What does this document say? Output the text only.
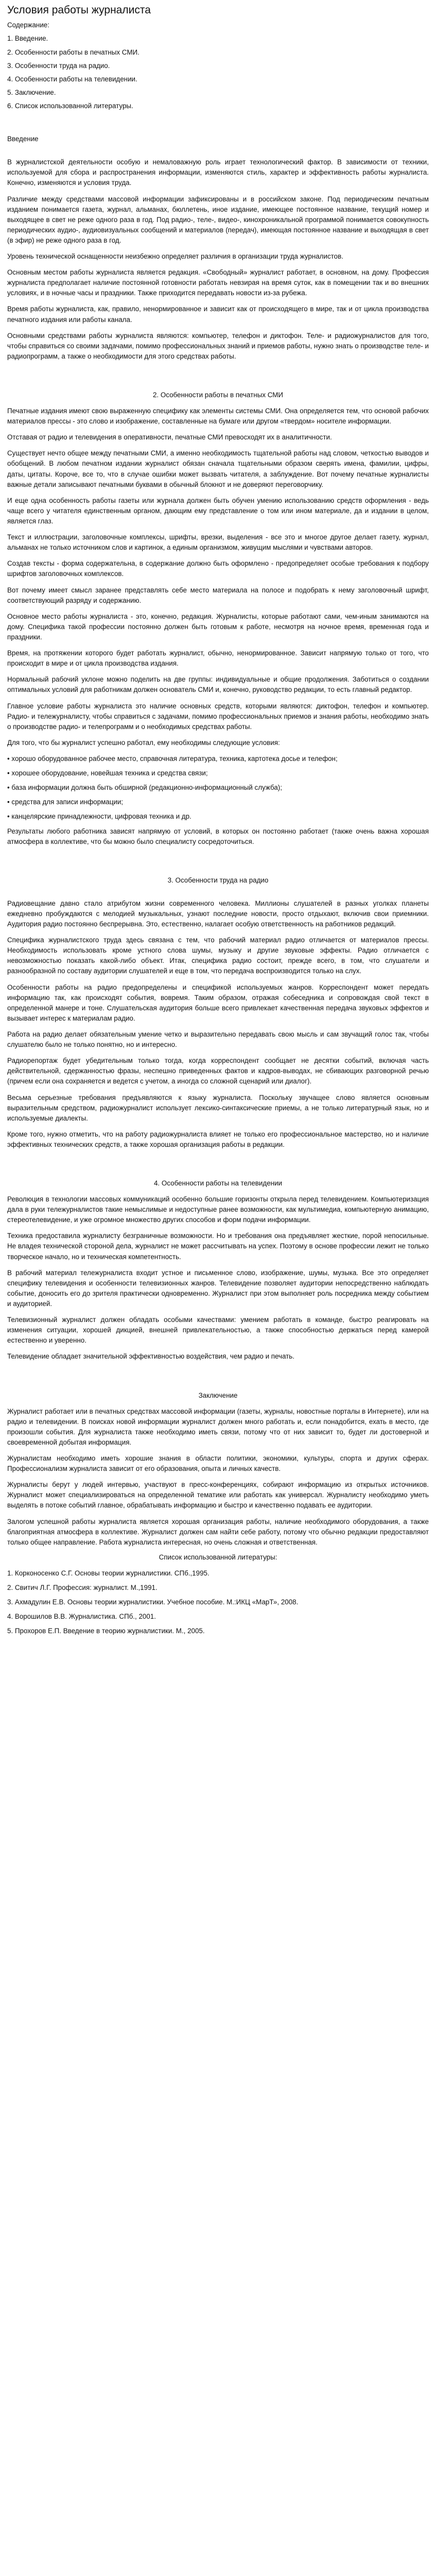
Условия работы журналиста

Содержание:

1. Введение.

2. Особенности работы в печатных СМИ.

3. Особенности труда на радио.

4. Особенности работы на телевидении.

5. Заключение.

6. Список использованной литературы.

Введение

В журналистской деятельности особую и немаловажную роль играет технологический фактор. В зависимости от техники, используемой для сбора и распространения информации, изменяются стиль, характер и эффективность работы журналиста. Конечно, изменяются и условия труда.

Различие между средствами массовой информации зафиксированы и в российском законе. Под периодическим печатным изданием понимается газета, журнал, альманах, бюллетень, иное издание, имеющее постоянное название, текущий номер и выходящее в свет не реже одного раза в год. Под радио-, теле-, видео-, кинохроникальной программой понимается совокупность периодических аудио-, аудиовизуальных сообщений и материалов (передач), имеющая постоянное название и выходящая в свет (в эфир) не реже одного раза в год.

Уровень технической оснащенности неизбежно определяет различия в организации труда журналистов.

Основным местом работы журналиста является редакция. «Свободный» журналист работает, в основном, на дому. Профессия журналиста предполагает наличие постоянной готовности работать невзирая на время суток, как в помещении так и во внешних условиях, и в ночные часы и праздники. Также приходится передавать новости из-за рубежа.

Время работы журналиста, как, правило, ненормированное и зависит как от происходящего в мире, так и от цикла производства печатного издания или работы канала.

Основными средствами работы журналиста являются: компьютер, телефон и диктофон. Теле- и радиожурналистов для того, чтобы справиться со своими задачами, помимо профессиональных знаний и приемов работы, нужно знать о производстве теле- и радиопрограмм, а также о необходимости для этого средствах работы.

2. Особенности работы в печатных СМИ

Печатные издания имеют свою выраженную специфику как элементы системы СМИ. Она определяется тем, что основой рабочих материалов прессы - это слово и изображение, составленные на бумаге или другом «твердом» носителе информации.

Отставая от радио и телевидения в оперативности, печатные СМИ превосходят их в аналитичности.

Существует нечто общее между печатными СМИ, а именно необходимость тщательной работы над словом, четкостью выводов и обобщений. В любом печатном издании журналист обязан сначала тщательными образом сверять имена, фамилии, цифры, даты, цитаты. Короче, все то, что в случае ошибки может вызвать читателя, а заблуждение. Вот почему печатные журналисты важные детали записывают печатными буквами в обычный блокнот и не доверяют переговорчику.

И еще одна особенность работы газеты или журнала должен быть обучен умению использованию средств оформления - ведь чаще всего у читателя единственным органом, дающим ему представление о том или ином материале, да и издании в целом, является глаз.

Текст и иллюстрации, заголовочные комплексы, шрифты, врезки, выделения - все это и многое другое делает газету, журнал, альманах не только источником слов и картинок, а единым организмом, живущим мыслями и чувствами авторов.

Создав тексты - форма содержательна, в содержание должно быть оформлено - предопределяет особые требования к подбору шрифтов заголовочных комплексов.

Вот почему имеет смысл заранее представлять себе место материала на полосе и подобрать к нему заголовочный шрифт, соответствующий разряду и содержанию.

Основное место работы журналиста - это, конечно, редакция. Журналисты, которые работают сами, чем-иным занимаются на дому. Специфика такой профессии постоянно должен быть готовым к работе, несмотря на ночное время, временная года и праздники.

Время, на протяжении которого будет работать журналист, обычно, ненормированное. Зависит напрямую только от того, что происходит в мире и от цикла производства издания.

Нормальный рабочий уклоне можно поделить на две группы: индивидуальные и общие продолжения. Заботиться о создании оптимальных условий для работникам должен основатель СМИ и, конечно, руководство редакции, то есть главный редактор.

Главное условие работы журналиста это наличие основных средств, которыми являются: диктофон, телефон и компьютер. Радио- и тележурналисту, чтобы справиться с задачами, помимо профессиональных приемов и знания работы, необходимо знать о производстве радио- и телепрограмм и о необходимых средствах работы.

Для того, что бы журналист успешно работал, ему необходимы следующие условия:

• хорошо оборудованное рабочее место, справочная литература, техника, картотека досье и телефон;

• хорошее оборудование, новейшая техника и средства связи;

• база информации должна быть обширной (редакционно-информационный служба);

• средства для записи информации;

• канцелярские принадлежности, цифровая техника и др.

Результаты любого работника зависят напрямую от условий, в которых он постоянно работает (также очень важна хорошая атмосфера в коллективе, что бы можно было специалисту сосредоточиться.

3. Особенности труда на радио

Радиовещание давно стало атрибутом жизни современного человека. Миллионы слушателей в разных уголках планеты ежедневно пробуждаются с мелодией музыкальных, узнают последние новости, просто отдыхают, включив свои приемники. Аудитория радио постоянно беспрерывна. Это, естественно, налагает особую ответственность на работников редакций.

Специфика журналистского труда здесь связана с тем, что рабочий материал радио отличается от материалов прессы. Необходимость использовать кроме устного слова шумы, музыку и другие звуковые эффекты. Радио отличается с невозможностью показать какой-либо объект. Итак, специфика радио состоит, прежде всего, в том, что слушатели и разнообразной по составу аудитории слушателей и еще в том, что передача воспроизводится только на слух.

Особенности работы на радио предопределены и спецификой используемых жанров. Корреспондент может передать информацию так, как происходят события, вовремя. Таким образом, отражая собеседника и сопровождая свой текст в определенной манере и тоне. Слушательская аудитория больше всего привлекает качественная передача звуковых эффектов и вызывает интерес к материалам радио.

Работа на радио делает обязательным умение четко и выразительно передавать свою мысль и сам звучащий голос так, чтобы слушателю было не только понятно, но и интересно.

Радиорепортаж будет убедительным только тогда, когда корреспондент сообщает не десятки событий, включая часть действительной, сдержанностью фразы, неспешно приведенных фактов и кадров-выводах, не сбивающих разговорной речью (причем если она сохраняется и ведется с учетом, а иногда со сложной сценарий или диалог).

Весьма серьезные требования предъявляются к языку журналиста. Поскольку звучащее слово является основным выразительным средством, радиожурналист использует лексико-синтаксические приемы, а не только литературный язык, но и используемые диалекты.

Кроме того, нужно отметить, что на работу радиожурналиста влияет не только его профессиональное мастерство, но и наличие эффективных технических средств, а также хорошая организация работы в редакции.

4. Особенности работы на телевидении

Революция в технологии массовых коммуникаций особенно большие горизонты открыла перед телевидением. Компьютеризация дала в руки тележурналистов такие немыслимые и недоступные ранее возможности, как мультимедиа, компьютерную анимацию, стереотелевидение, и уже огромное множество других способов и форм подачи информации.

Техника предоставила журналисту безграничные возможности. Но и требования она предъявляет жесткие, порой непосильные. Не владея технической стороной дела, журналист не может рассчитывать на успех. Поэтому в основе профессии лежит не только творческое начало, но и техническая компетентность.

В рабочий материал тележурналиста входит устное и письменное слово, изображение, шумы, музыка. Все это определяет специфику телевидения и особенности телевизионных жанров. Телевидение позволяет аудитории непосредственно наблюдать событие, доносить его до зрителя практически одновременно. Журналист при этом выполняет роль посредника между событием и аудиторией.

Телевизионный журналист должен обладать особыми качествами: умением работать в команде, быстро реагировать на изменения ситуации, хорошей дикцией, внешней привлекательностью, а также способностью держаться перед камерой естественно и уверенно.

Телевидение обладает значительной эффективностью воздействия, чем радио и печать.

Заключение

Журналист работает или в печатных средствах массовой информации (газеты, журналы, новостные порталы в Интернете), или на радио и телевидении. В поисках новой информации журналист должен много работать и, если понадобится, ехать в место, где произошли события. Для журналиста также необходимо иметь связи, потому что от них зависит то, будет ли достоверной и своевременной добытая информация.

Журналистам необходимо иметь хорошие знания в области политики, экономики, культуры, спорта и других сферах. Профессионализм журналиста зависит от его образования, опыта и личных качеств.

Журналисты берут у людей интервью, участвуют в пресс-конференциях, собирают информацию из открытых источников. Журналист может специализироваться на определенной тематике или работать как универсал. Журналисту необходимо уметь выделять в потоке событий главное, обрабатывать информацию и быстро и качественно подавать ее аудитории.

Залогом успешной работы журналиста является хорошая организация работы, наличие необходимого оборудования, а также благоприятная атмосфера в коллективе. Журналист должен сам найти себе работу, потому что обычно редакции предоставляют только общее направление. Работа журналиста интересная, но очень сложная и ответственная.

Список использованной литературы:

1. Корконосенко С.Г. Основы теории журналистики. СПб.,1995.

2. Свитич Л.Г. Профессия: журналист. М.,1991.

3. Ахмадулин Е.В. Основы теории журналистики. Учебное пособие. М.:ИКЦ «МарТ», 2008.

4. Ворошилов В.В. Журналистика. СПб., 2001.

5. Прохоров Е.П. Введение в теорию журналистики. М., 2005.
